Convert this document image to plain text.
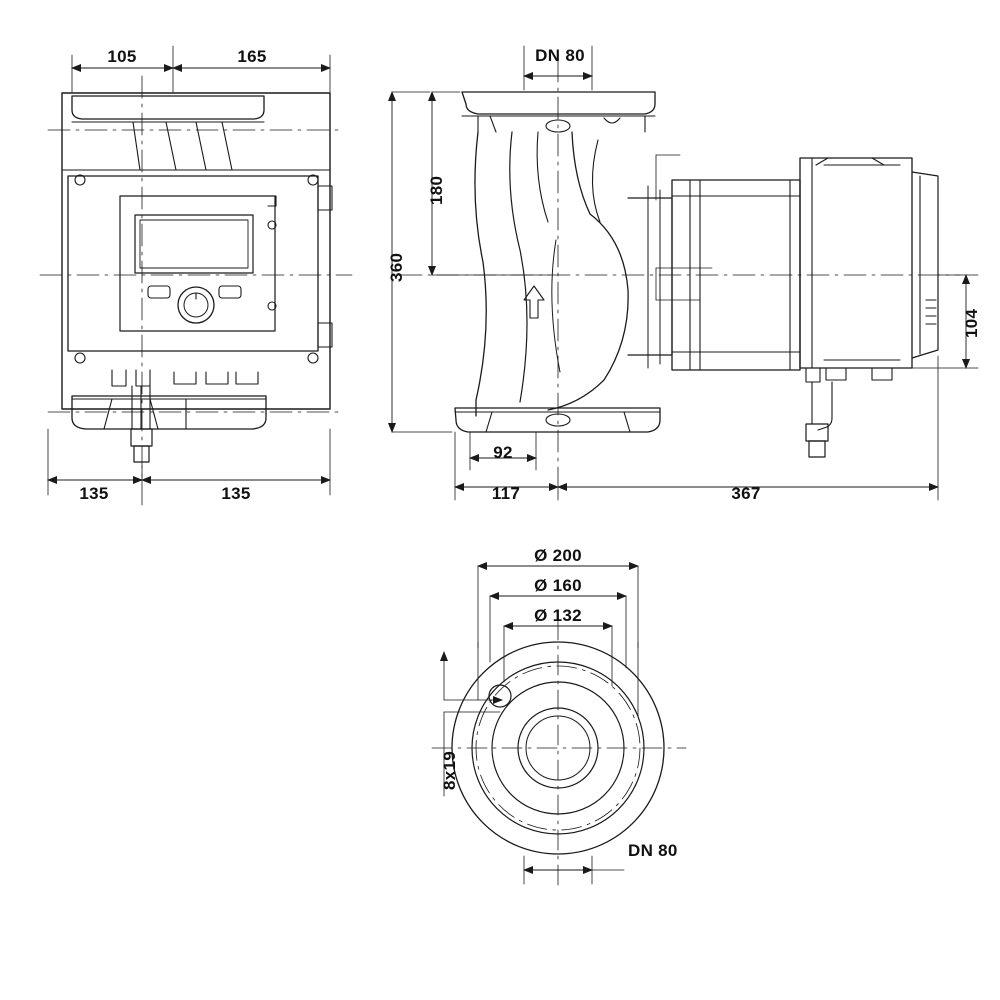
105	165
135	135
DN 80
180
360
92
117	367
104
Ø 200
Ø 160
Ø 132
8x19
DN 80
